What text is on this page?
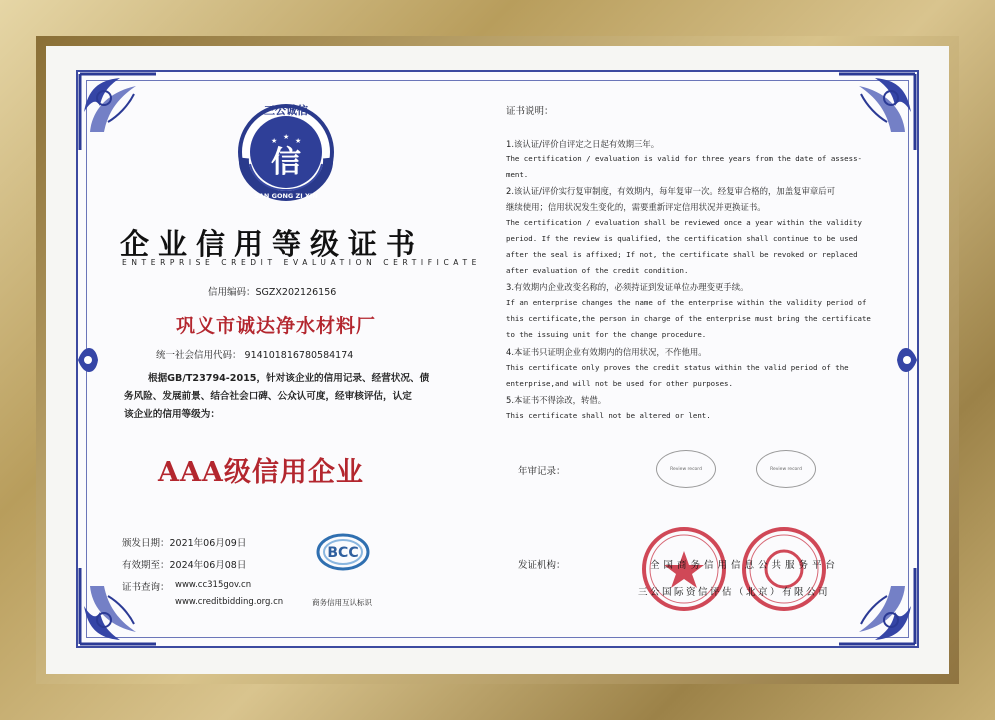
三公诚信
★ ★ ★
信
SAN GONG ZI XIN
企业信用等级证书
ENTERPRISE CREDIT EVALUATION CERTIFICATE
信用编码：SGZX202126156
巩义市诚达净水材料厂
统一社会信用代码： 914101816780584174
根据GB/T23794-2015，针对该企业的信用记录、经营状况、债
务风险、发展前景、结合社会口碑、公众认可度，经审核评估，认定
该企业的信用等级为：
AAA级信用企业
颁发日期：2021年06月09日
有效期至：2024年06月08日
证书查询： www.cc315gov.cn
www.creditbidding.org.cn
BCC
商务信用互认标识
证书说明：
1.该认证/评价自评定之日起有效期三年。
The certification / evaluation is valid for three years from the date of assess-
ment.
2.该认证/评价实行复审制度，有效期内，每年复审一次。经复审合格的，加盖复审章后可
继续使用；信用状况发生变化的，需要重新评定信用状况并更换证书。
The certification / evaluation shall be reviewed once a year within the validity
period. If the review is qualified, the certification shall continue to be used
after the seal is affixed; If not, the certificate shall be revoked or replaced
after evaluation of the credit condition.
3.有效期内企业改变名称的，必须持证到发证单位办理变更手续。
If an enterprise changes the name of the enterprise within the validity period of
this certificate,the person in charge of the enterprise must bring the certificate
to the issuing unit for the change procedure.
4.本证书只证明企业有效期内的信用状况，不作他用。
This certificate only proves the credit status within the valid period of the
enterprise,and will not be used for other purposes.
5.本证书不得涂改，转借。
This certificate shall not be altered or lent.
年审记录：	Review record	Review record
发证机构：	全国商务信用信息公共服务平台
三公国际资信评估（北京）有限公司
